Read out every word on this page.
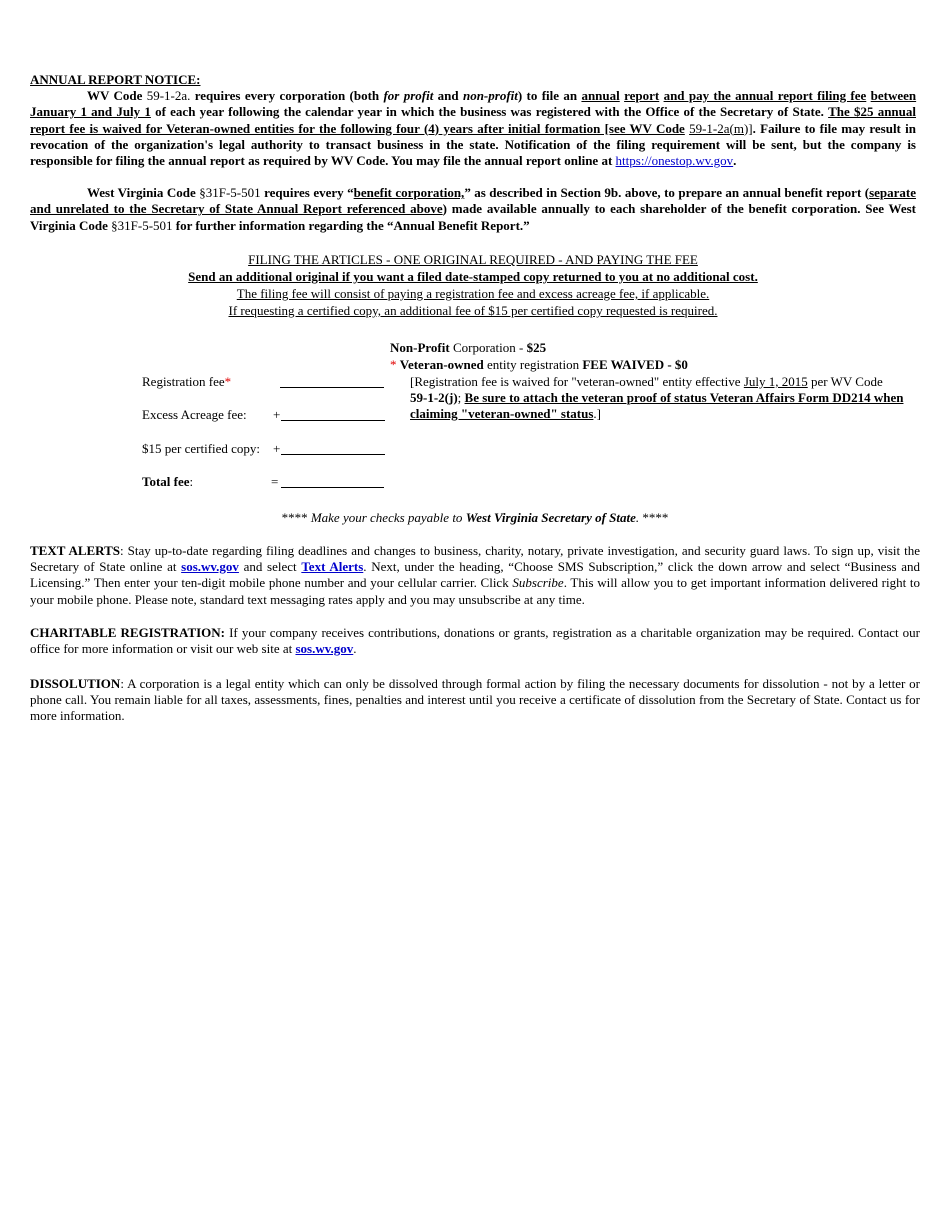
ANNUAL REPORT NOTICE:
WV Code 59-1-2a. requires every corporation (both for profit and non-profit) to file an annual report and pay the annual report filing fee between January 1 and July 1 of each year following the calendar year in which the business was registered with the Office of the Secretary of State. The $25 annual report fee is waived for Veteran-owned entities for the following four (4) years after initial formation [see WV Code 59-1-2a(m)]. Failure to file may result in revocation of the organization's legal authority to transact business in the state. Notification of the filing requirement will be sent, but the company is responsible for filing the annual report as required by WV Code. You may file the annual report online at https://onestop.wv.gov.
West Virginia Code §31F-5-501 requires every “benefit corporation,” as described in Section 9b. above, to prepare an annual benefit report (separate and unrelated to the Secretary of State Annual Report referenced above) made available annually to each shareholder of the benefit corporation. See West Virginia Code §31F-5-501 for further information regarding the “Annual Benefit Report.”
FILING THE ARTICLES - ONE ORIGINAL REQUIRED - AND PAYING THE FEE
Send an additional original if you want a filed date-stamped copy returned to you at no additional cost.
The filing fee will consist of paying a registration fee and excess acreage fee, if applicable.
If requesting a certified copy, an additional fee of $15 per certified copy requested is required.
Non-Profit Corporation - $25
* Veteran-owned entity registration FEE WAIVED - $0
[Registration fee is waived for "veteran-owned" entity effective July 1, 2015 per WV Code
59-1-2(j); Be sure to attach the veteran proof of status Veteran Affairs Form DD214 when claiming "veteran-owned" status.]
Registration fee*
Excess Acreage fee: +
$15 per certified copy: +
Total fee:	=
**** Make your checks payable to West Virginia Secretary of State. ****
TEXT ALERTS: Stay up-to-date regarding filing deadlines and changes to business, charity, notary, private investigation, and security guard laws. To sign up, visit the Secretary of State online at sos.wv.gov and select Text Alerts. Next, under the heading, “Choose SMS Subscription,” click the down arrow and select “Business and Licensing.” Then enter your ten-digit mobile phone number and your cellular carrier. Click Subscribe. This will allow you to get important information delivered right to your mobile phone. Please note, standard text messaging rates apply and you may unsubscribe at any time.
CHARITABLE REGISTRATION: If your company receives contributions, donations or grants, registration as a charitable organization may be required. Contact our office for more information or visit our web site at sos.wv.gov.
DISSOLUTION: A corporation is a legal entity which can only be dissolved through formal action by filing the necessary documents for dissolution - not by a letter or phone call. You remain liable for all taxes, assessments, fines, penalties and interest until you receive a certificate of dissolution from the Secretary of State. Contact us for more information.
